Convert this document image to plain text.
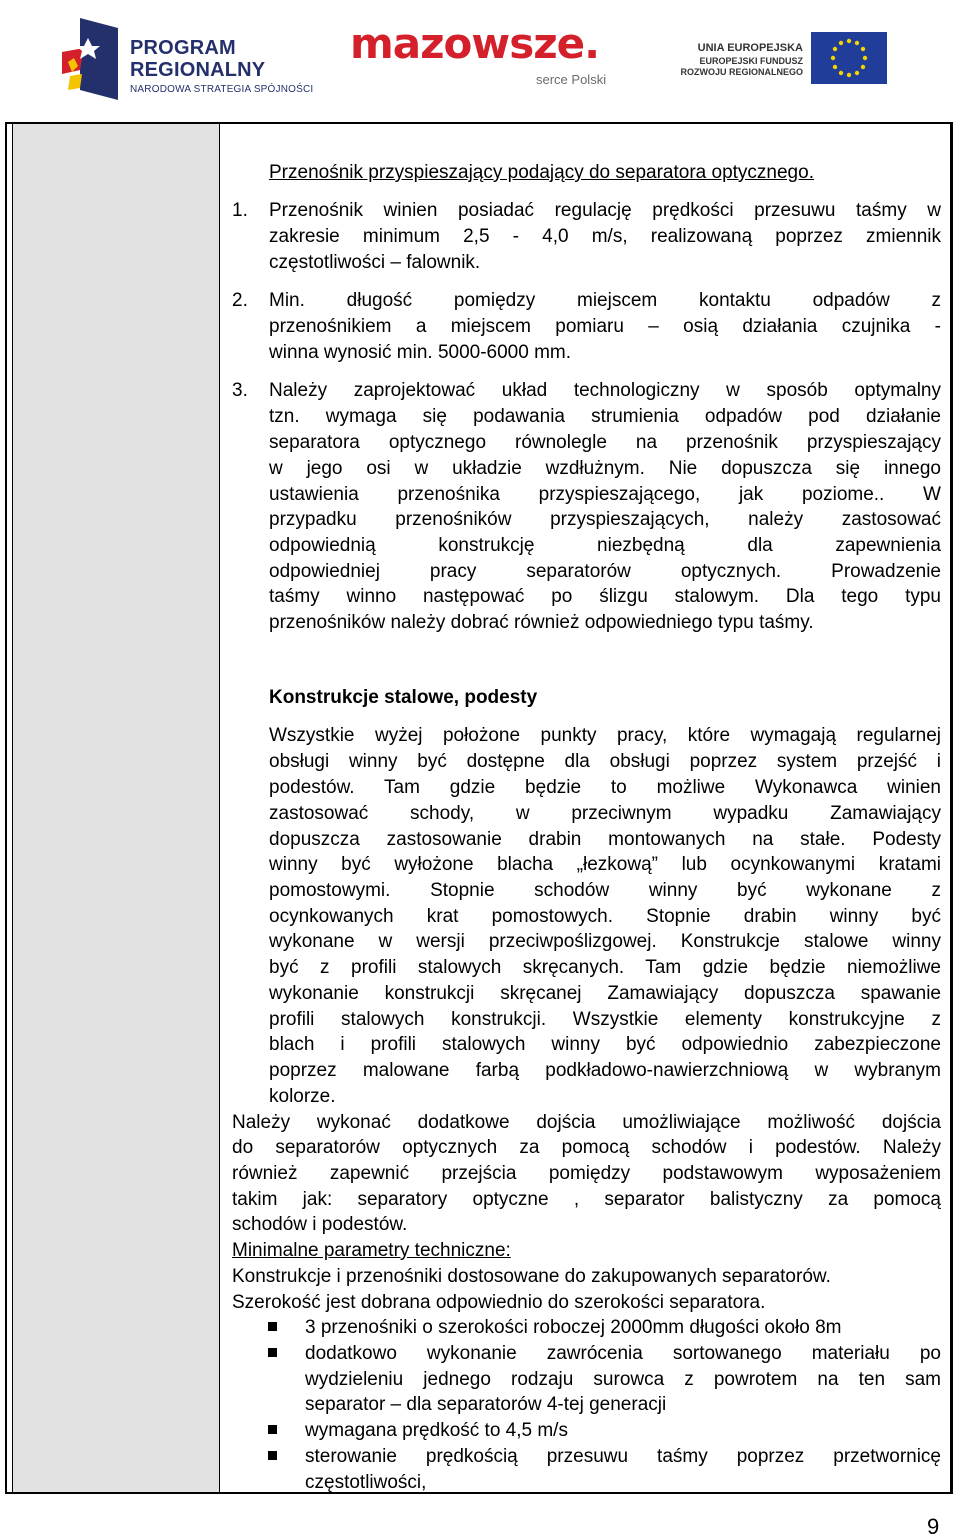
PROGRAM
REGIONALNY
NARODOWA STRATEGIA SPÓJNOŚCI
mazowsze.
serce Polski
UNIA EUROPEJSKA
EUROPEJSKI FUNDUSZ
ROZWOJU REGIONALNEGO
Przenośnik przyspieszający podający do separatora optycznego.
1. Przenośnik winien posiadać regulację prędkości przesuwu taśmy w
zakresie minimum 2,5 - 4,0 m/s, realizowaną poprzez zmiennik
częstotliwości – falownik.
2. Min. długość pomiędzy miejscem kontaktu odpadów z
przenośnikiem a miejscem pomiaru – osią działania czujnika -
winna wynosić min. 5000-6000 mm.
3. Należy zaprojektować układ technologiczny w sposób optymalny
tzn. wymaga się podawania strumienia odpadów pod działanie
separatora optycznego równolegle na przenośnik przyspieszający
w jego osi w układzie wzdłużnym. Nie dopuszcza się innego
ustawienia przenośnika przyspieszającego, jak poziome.. W
przypadku przenośników przyspieszających, należy zastosować
odpowiednią konstrukcję niezbędną dla zapewnienia
odpowiedniej pracy separatorów optycznych. Prowadzenie
taśmy winno następować po ślizgu stalowym. Dla tego typu
przenośników należy dobrać również odpowiedniego typu taśmy.
Konstrukcje stalowe, podesty
Wszystkie wyżej położone punkty pracy, które wymagają regularnej
obsługi winny być dostępne dla obsługi poprzez system przejść i
podestów. Tam gdzie będzie to możliwe Wykonawca winien
zastosować schody, w przeciwnym wypadku Zamawiający
dopuszcza zastosowanie drabin montowanych na stałe. Podesty
winny być wyłożone blacha „łezkową” lub ocynkowanymi kratami
pomostowymi. Stopnie schodów winny być wykonane z
ocynkowanych krat pomostowych. Stopnie drabin winny być
wykonane w wersji przeciwpoślizgowej. Konstrukcje stalowe winny
być z profili stalowych skręcanych. Tam gdzie będzie niemożliwe
wykonanie konstrukcji skręcanej Zamawiający dopuszcza spawanie
profili stalowych konstrukcji. Wszystkie elementy konstrukcyjne z
blach i profili stalowych winny być odpowiednio zabezpieczone
poprzez malowane farbą podkładowo-nawierzchniową w wybranym
kolorze.
Należy wykonać dodatkowe dojścia umożliwiające możliwość dojścia
do separatorów optycznych za pomocą schodów i podestów. Należy
również zapewnić przejścia pomiędzy podstawowym wyposażeniem
takim jak: separatory optyczne , separator balistyczny za pomocą
schodów i podestów.
Minimalne parametry techniczne:
Konstrukcje i przenośniki dostosowane do zakupowanych separatorów.
Szerokość jest dobrana odpowiednio do szerokości separatora.
3 przenośniki o szerokości roboczej 2000mm długości około 8m
dodatkowo wykonanie zawrócenia sortowanego materiału po
wydzieleniu jednego rodzaju surowca z powrotem na ten sam
separator – dla separatorów 4-tej generacji
wymagana prędkość to 4,5 m/s
sterowanie prędkością przesuwu taśmy poprzez przetwornicę
częstotliwości,
9
